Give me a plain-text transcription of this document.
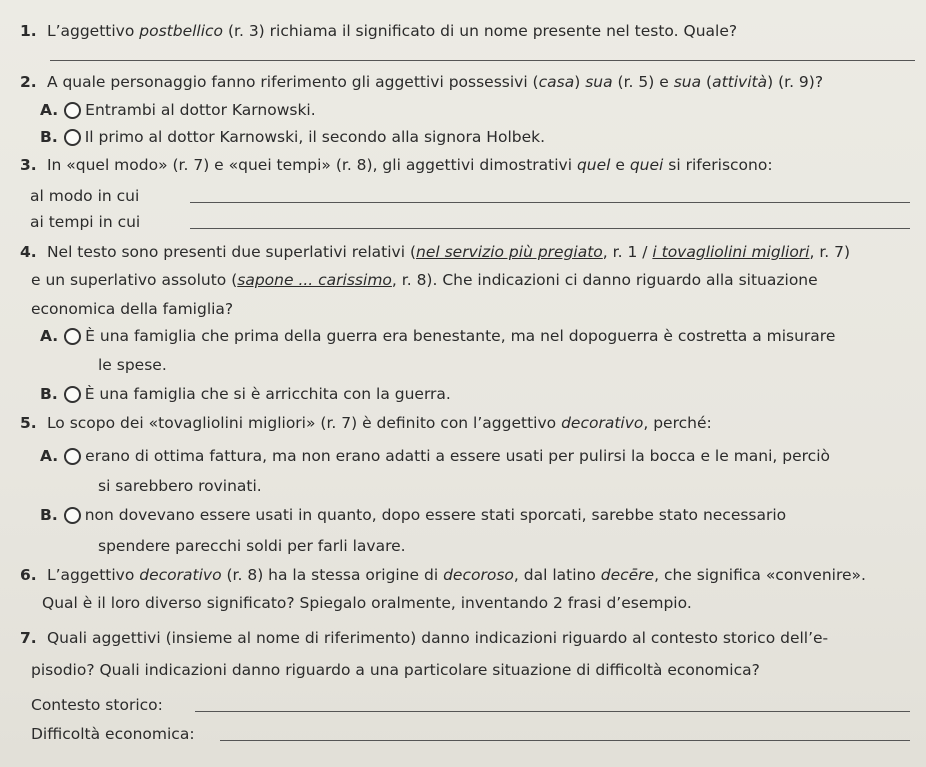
1. L’aggettivo postbellico (r. 3) richiama il significato di un nome presente nel testo. Quale?
2. A quale personaggio fanno riferimento gli aggettivi possessivi (casa) sua (r. 5) e sua (attività) (r. 9)?
A. Entrambi al dottor Karnowski.
B. Il primo al dottor Karnowski, il secondo alla signora Holbek.
3. In «quel modo» (r. 7) e «quei tempi» (r. 8), gli aggettivi dimostrativi quel e quei si riferiscono:
al modo in cui
ai tempi in cui
4. Nel testo sono presenti due superlativi relativi (nel servizio più pregiato, r. 1 / i tovagliolini migliori, r. 7)
e un superlativo assoluto (sapone ... carissimo, r. 8). Che indicazioni ci danno riguardo alla situazione
economica della famiglia?
A. È una famiglia che prima della guerra era benestante, ma nel dopoguerra è costretta a misurare
le spese.
B. È una famiglia che si è arricchita con la guerra.
5. Lo scopo dei «tovagliolini migliori» (r. 7) è definito con l’aggettivo decorativo, perché:
A. erano di ottima fattura, ma non erano adatti a essere usati per pulirsi la bocca e le mani, perciò
si sarebbero rovinati.
B. non dovevano essere usati in quanto, dopo essere stati sporcati, sarebbe stato necessario
spendere parecchi soldi per farli lavare.
6. L’aggettivo decorativo (r. 8) ha la stessa origine di decoroso, dal latino decēre, che significa «convenire».
Qual è il loro diverso significato? Spiegalo oralmente, inventando 2 frasi d’esempio.
7. Quali aggettivi (insieme al nome di riferimento) danno indicazioni riguardo al contesto storico dell’e-
pisodio? Quali indicazioni danno riguardo a una particolare situazione di difficoltà economica?
Contesto storico:
Difficoltà economica:
